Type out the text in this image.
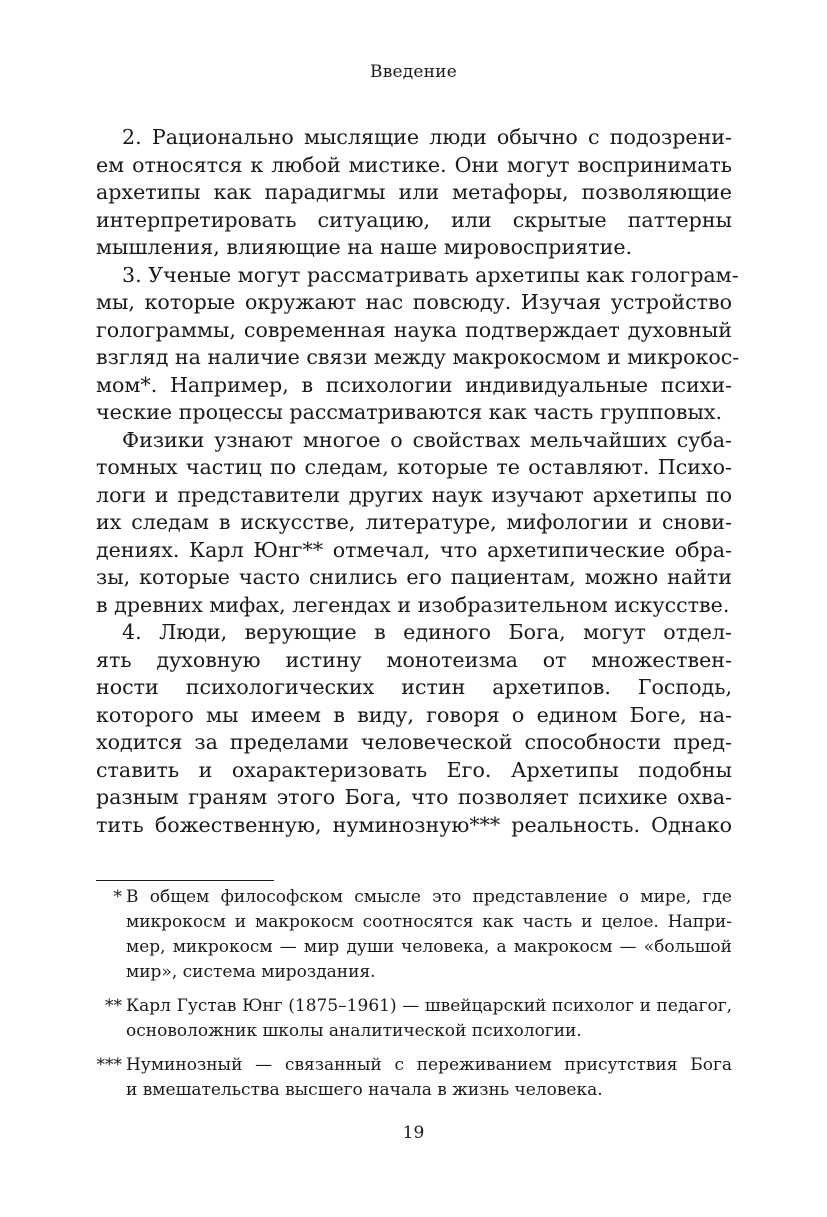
Введение
2. Рационально мыслящие люди обычно с подозрени-
ем относятся к любой мистике. Они могут воспринимать
архетипы как парадигмы или метафоры, позволяющие
интерпретировать ситуацию, или скрытые паттерны
мышления, влияющие на наше мировосприятие.
3. Ученые могут рассматривать архетипы как голограм-
мы, которые окружают нас повсюду. Изучая устройство
голограммы, современная наука подтверждает духовный
взгляд на наличие связи между макрокосмом и микрокос-
мом*. Например, в психологии индивидуальные психи-
ческие процессы рассматриваются как часть групповых.
Физики узнают многое о свойствах мельчайших суба-
томных частиц по следам, которые те оставляют. Психо-
логи и представители других наук изучают архетипы по
их следам в искусстве, литературе, мифологии и снови-
дениях. Карл Юнг** отмечал, что архетипические обра-
зы, которые часто снились его пациентам, можно найти
в древних мифах, легендах и изобразительном искусстве.
4. Люди, верующие в единого Бога, могут отдел-
ять духовную истину монотеизма от множествен-
ности психологических истин архетипов. Господь,
которого мы имеем в виду, говоря о едином Боге, на-
ходится за пределами человеческой способности пред-
ставить и охарактеризовать Его. Архетипы подобны
разным граням этого Бога, что позволяет психике охва-
тить божественную, нуминозную*** реальность. Однако
* В общем философском смысле это представление о мире, где
микрокосм и макрокосм соотносятся как часть и целое. Напри-
мер, микрокосм — мир души человека, а макрокосм — «большой
мир», система мироздания.
** Карл Густав Юнг (1875–1961) — швейцарский психолог и педагог,
основоложник школы аналитической психологии.
*** Нуминозный — связанный с переживанием присутствия Бога
и вмешательства высшего начала в жизнь человека.
19
